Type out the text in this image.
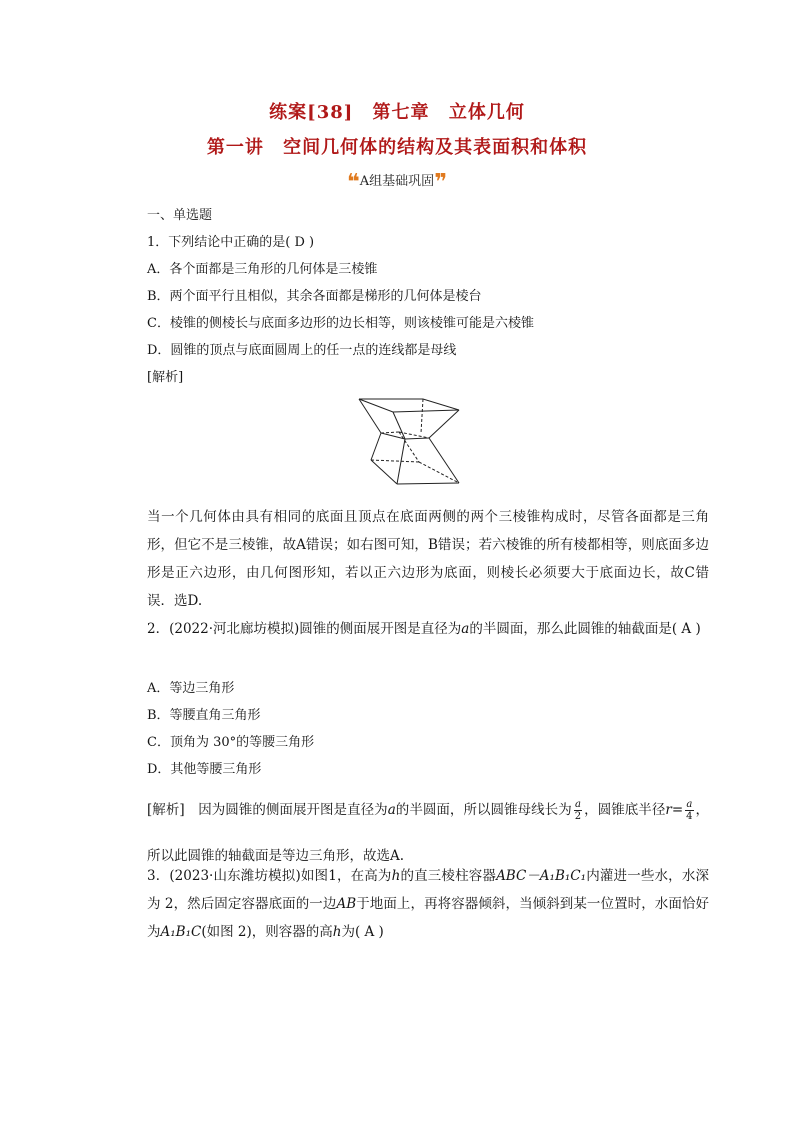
练案[38] 第七章 立体几何
第一讲 空间几何体的结构及其表面积和体积
❝A组基础巩固❞
一、单选题
1．下列结论中正确的是( D )
A．各个面都是三角形的几何体是三棱锥
B．两个面平行且相似，其余各面都是梯形的几何体是棱台
C．棱锥的侧棱长与底面多边形的边长相等，则该棱锥可能是六棱锥
D．圆锥的顶点与底面圆周上的任一点的连线都是母线
[解析]
当一个几何体由具有相同的底面且顶点在底面两侧的两个三棱锥构成时，尽管各面都是三角形，但它不是三棱锥，故A错误；如右图可知，B错误；若六棱锥的所有棱都相等，则底面多边形是正六边形，由几何图形知，若以正六边形为底面，则棱长必须要大于底面边长，故C错误．选D.
2．(2022·河北廊坊模拟)圆锥的侧面展开图是直径为a的半圆面，那么此圆锥的轴截面是( A )
A．等边三角形
B．等腰直角三角形
C．顶角为 30°的等腰三角形
D．其他等腰三角形
[解析]　 因为圆锥的侧面展开图是直径为a的半圆面，所以圆锥母线长为 $\frac{a}{2}$ ，圆锥底半径$r= \frac{a}{4}$ ，所以此圆锥的轴截面是等边三角形，故选A.
3．(2023·山东潍坊模拟)如图1，在高为h的直三棱柱容器ABC－A₁B₁C₁内灌进一些水，水深为 2，然后固定容器底面的一边AB于地面上，再将容器倾斜，当倾斜到某一位置时，水面恰好为A₁B₁C(如图 2)，则容器的高h为( A )
